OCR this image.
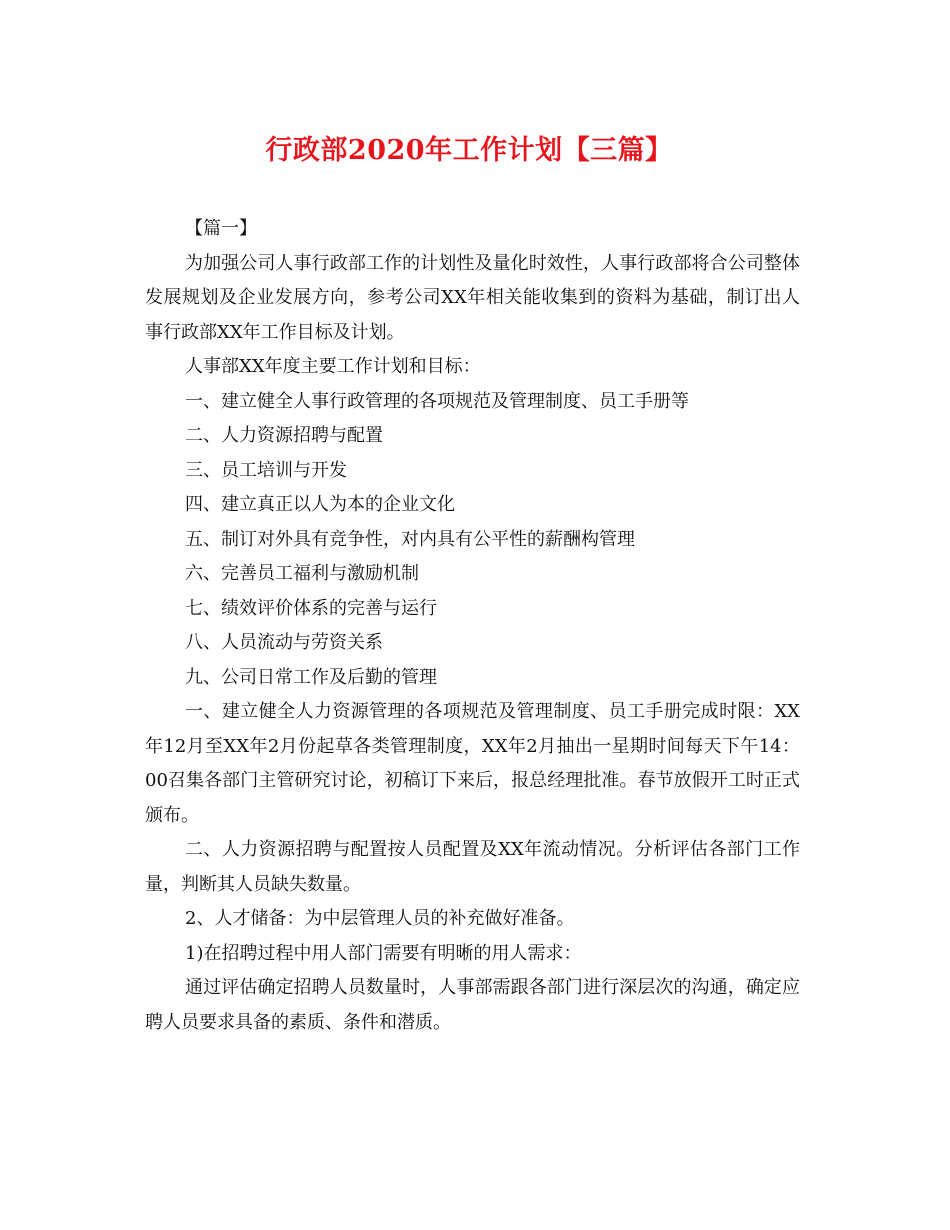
行政部2020年工作计划【三篇】

【篇一】

为加强公司人事行政部工作的计划性及量化时效性，人事行政部将合公司整体发展规划及企业发展方向，参考公司XX年相关能收集到的资料为基础，制订出人事行政部XX年工作目标及计划。

人事部XX年度主要工作计划和目标：

一、建立健全人事行政管理的各项规范及管理制度、员工手册等

二、人力资源招聘与配置

三、员工培训与开发

四、建立真正以人为本的企业文化

五、制订对外具有竞争性，对内具有公平性的薪酬构管理

六、完善员工福利与激励机制

七、绩效评价体系的完善与运行

八、人员流动与劳资关系

九、公司日常工作及后勤的管理

一、建立健全人力资源管理的各项规范及管理制度、员工手册完成时限：XX年12月至XX年2月份起草各类管理制度，XX年2月抽出一星期时间每天下午14：00召集各部门主管研究讨论，初稿订下来后，报总经理批准。春节放假开工时正式颁布。

二、人力资源招聘与配置按人员配置及XX年流动情况。分析评估各部门工作量，判断其人员缺失数量。

2、人才储备：为中层管理人员的补充做好准备。

1)在招聘过程中用人部门需要有明晰的用人需求：

通过评估确定招聘人员数量时，人事部需跟各部门进行深层次的沟通，确定应聘人员要求具备的素质、条件和潜质。
